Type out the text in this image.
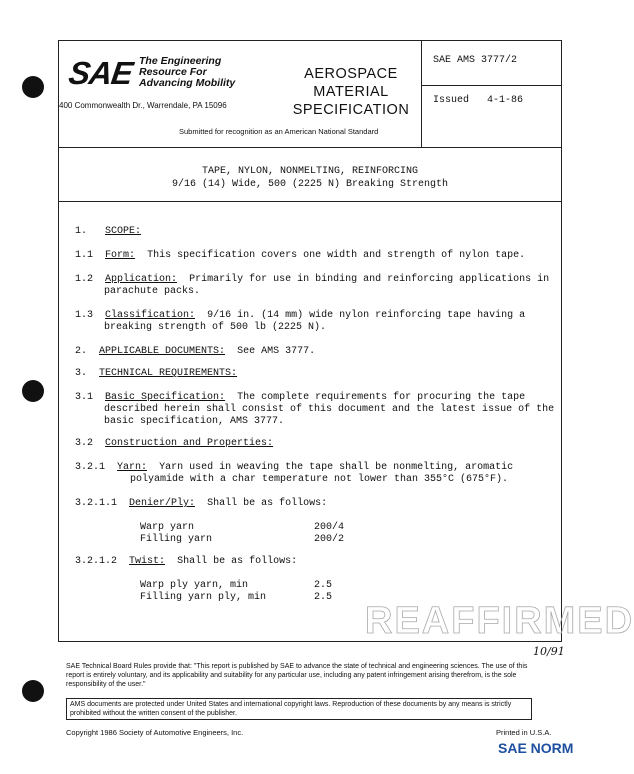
SAE The Engineering
Resource For
Advancing Mobility
400 Commonwealth Dr., Warrendale, PA 15096
AEROSPACE
MATERIAL
SPECIFICATION
Submitted for recognition as an American National Standard
SAE AMS 3777/2
Issued 4-1-86
TAPE, NYLON, NONMELTING, REINFORCING
9/16 (14) Wide, 500 (2225 N) Breaking Strength
1. SCOPE:
1.1 Form: This specification covers one width and strength of nylon tape.
1.2 Application: Primarily for use in binding and reinforcing applications in
parachute packs.
1.3 Classification: 9/16 in. (14 mm) wide nylon reinforcing tape having a
breaking strength of 500 lb (2225 N).
2. APPLICABLE DOCUMENTS: See AMS 3777.
3. TECHNICAL REQUIREMENTS:
3.1 Basic Specification: The complete requirements for procuring the tape
described herein shall consist of this document and the latest issue of the
basic specification, AMS 3777.
3.2 Construction and Properties:
3.2.1 Yarn: Yarn used in weaving the tape shall be nonmelting, aromatic
polyamide with a char temperature not lower than 355°C (675°F).
3.2.1.1 Denier/Ply: Shall be as follows:
Warp yarn	200/4
Filling yarn	200/2
3.2.1.2 Twist: Shall be as follows:
Warp ply yarn, min	2.5
Filling yarn ply, min	2.5
REAFFIRMED
10/91
SAE Technical Board Rules provide that: "This report is published by SAE to advance the state of technical and engineering sciences. The use of this report is entirely voluntary, and its applicability and suitability for any particular use, including any patent infringement arising therefrom, is the sole responsibility of the user."
AMS documents are protected under United States and international copyright laws. Reproduction of these documents by any means is strictly prohibited without the written consent of the publisher.
Copyright 1986 Society of Automotive Engineers, Inc.	Printed in U.S.A.
SAE NORM
